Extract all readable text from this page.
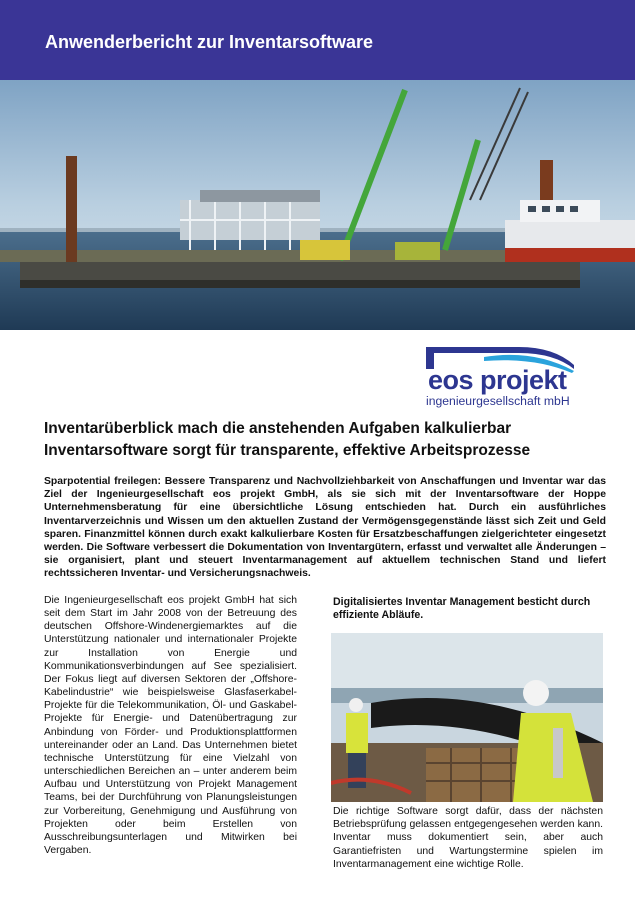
Anwenderbericht zur Inventarsoftware
eos projekt
ingenieurgesellschaft mbH
Inventarüberblick mach die anstehenden Aufgaben kalkulierbar
Inventarsoftware sorgt für transparente, effektive Arbeitsprozesse
Sparpotential freilegen: Bessere Transparenz und Nachvollziehbarkeit von Anschaffungen und Inventar war das Ziel der Ingenieurgesellschaft eos projekt GmbH, als sie sich mit der Inventarsoftware der Hoppe Unternehmensberatung für eine übersichtliche Lösung entschieden hat. Durch ein ausführliches Inventarverzeichnis und Wissen um den aktuellen Zustand der Vermögensgegenstände lässt sich Zeit und Geld sparen. Finanzmittel können durch exakt kalkulierbare Kosten für Ersatzbeschaffungen zielgerichteter eingesetzt werden. Die Software verbessert die Dokumentation von Inventargütern, erfasst und verwaltet alle Änderungen – sie organisiert, plant und steuert Inventarmanagement auf aktuellem technischen Stand und liefert rechtssicheren Inventar- und Versicherungsnachweis.
Die Ingenieurgesellschaft eos projekt GmbH hat sich seit dem Start im Jahr 2008 von der Betreuung des deutschen Offshore-Windenergiemarktes auf die Unterstützung nationaler und internationaler Projekte zur Installation von Energie und Kommunikationsverbindungen auf See spezialisiert. Der Fokus liegt auf diversen Sektoren der „Offshore-Kabelindustrie“ wie beispielsweise Glasfaserkabel-Projekte für die Telekommunikation, Öl- und Gaskabel-Projekte für Energie- und Datenübertragung zur Anbindung von Förder- und Produktionsplattformen untereinander oder an Land. Das Unternehmen bietet technische Unterstützung für eine Vielzahl von unterschiedlichen Bereichen an – unter anderem beim Aufbau und Unterstützung von Projekt Management Teams, bei der Durchführung von Planungsleistungen zur Vorbereitung, Genehmigung und Ausführung von Projekten oder beim Erstellen von Ausschreibungsunterlagen und Mitwirken bei Vergaben.
Digitalisiertes Inventar Management besticht durch effiziente Abläufe.
Die richtige Software sorgt dafür, dass der nächsten Betriebsprüfung gelassen entgegengesehen werden kann. Inventar muss dokumentiert sein, aber auch Garantiefristen und Wartungstermine spielen im Inventarmanagement eine wichtige Rolle.
